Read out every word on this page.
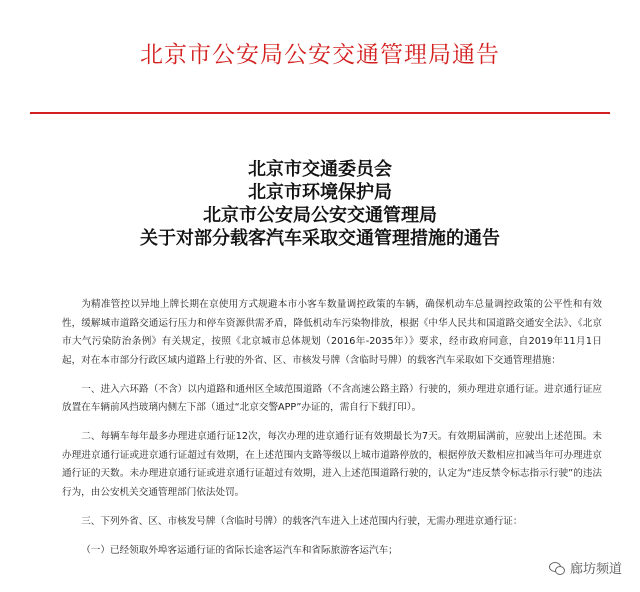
北京市公安局公安交通管理局通告
北京市交通委员会
北京市环境保护局
北京市公安局公安交通管理局
关于对部分载客汽车采取交通管理措施的通告

为精准管控以异地上牌长期在京使用方式规避本市小客车数量调控政策的车辆，确保机动车总量调控政策的公平性和有效性，缓解城市道路交通运行压力和停车资源供需矛盾，降低机动车污染物排放，根据《中华人民共和国道路交通安全法》、《北京市大气污染防治条例》有关规定，按照《北京城市总体规划（2016年-2035年）》要求，经市政府同意，自2019年11月1日起，对在本市部分行政区域内道路上行驶的外省、区、市核发号牌（含临时号牌）的载客汽车采取如下交通管理措施：

一、进入六环路（不含）以内道路和通州区全域范围道路（不含高速公路主路）行驶的，须办理进京通行证。进京通行证应放置在车辆前风挡玻璃内侧左下部（通过“北京交警APP”办证的，需自行下载打印）。

二、每辆车每年最多办理进京通行证12次，每次办理的进京通行证有效期最长为7天。有效期届满前，应驶出上述范围。未办理进京通行证或进京通行证超过有效期，在上述范围内支路等级以上城市道路停放的，根据停放天数相应扣减当年可办理进京通行证的天数。未办理进京通行证或进京通行证超过有效期，进入上述范围道路行驶的，认定为“违反禁令标志指示行驶”的违法行为，由公安机关交通管理部门依法处罚。

三、下列外省、区、市核发号牌（含临时号牌）的载客汽车进入上述范围内行驶，无需办理进京通行证：

（一）已经领取外埠客运通行证的省际长途客运汽车和省际旅游客运汽车；

廊坊频道
